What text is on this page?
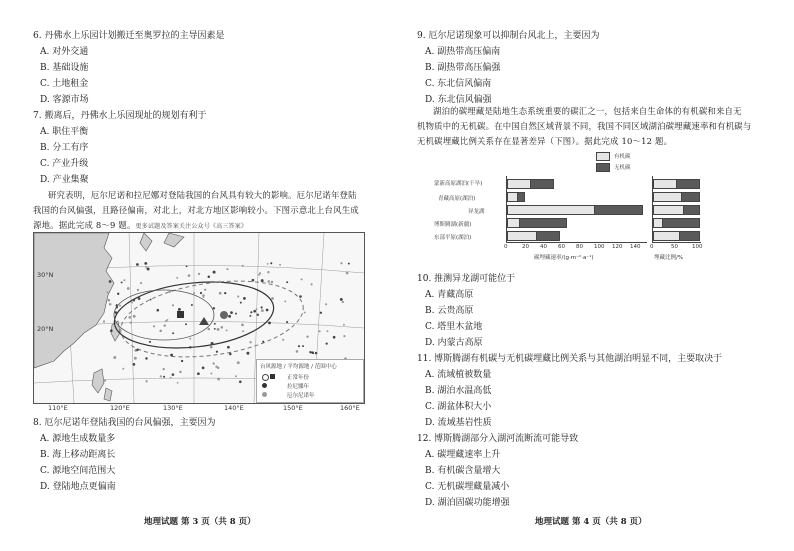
6. 丹佛水上乐园计划搬迁至奥罗拉的主导因素是
A. 对外交通
B. 基础设施
C. 土地租金
D. 客源市场
7. 搬离后，丹佛水上乐园现址的规划有利于
A. 职住平衡
B. 分工有序
C. 产业升级
D. 产业集聚
研究表明，厄尔尼诺和拉尼娜对登陆我国的台风具有较大的影响。厄尔尼诺年登陆
我国的台风偏强，且路径偏南，对北上，对北方地区影响较小。下图示意北上台风生成
源地。据此完成 8～9 题。更多试题及答案关注公众号《高三答案》
30°N
20°N
台风源地 / 平均源地 / 范围中心
正常年份
拉尼娜年
厄尔尼诺年
110°E	120°E	130°E	140°E	150°E	160°E
8. 厄尔尼诺年登陆我国的台风偏强，主要因为
A. 源地生成数量多
B. 海上移动距离长
C. 源地空间范围大
D. 登陆地点更偏南
地理试题 第 3 页（共 8 页）
9. 厄尔尼诺现象可以抑制台风北上，主要因为
A. 副热带高压偏南
B. 副热带高压偏强
C. 东北信风偏南
D. 东北信风偏强
湖泊的碳埋藏是陆地生态系统重要的碳汇之一，包括来自生命体的有机碳和来自无
机物质中的无机碳。在中国自然区域背景不同，我国不同区域湖泊碳埋藏速率和有机碳与
无机碳埋藏比例关系存在显著差异（下图）。据此完成 10～12 题。
有机碳
无机碳
蒙新高原湖泊(干旱)
青藏高原(湖泊)
异龙湖
博斯腾湖(新疆)
东部平原(湖泊)
0	20 40 60 80 100 120 140
碳埋藏速率/(g·m⁻²·a⁻¹)
0	50	100
埋藏比例/%
10. 推测异龙湖可能位于
A. 青藏高原
B. 云贵高原
C. 塔里木盆地
D. 内蒙古高原
11. 博斯腾湖有机碳与无机碳埋藏比例关系与其他湖泊明显不同，主要取决于
A. 流域植被数量
B. 湖泊水温高低
C. 湖盆体积大小
D. 流域基岩性质
12. 博斯腾湖部分入湖河流断流可能导致
A. 碳埋藏速率上升
B. 有机碳含量增大
C. 无机碳埋藏量减小
D. 湖泊固碳功能增强
地理试题 第 4 页（共 8 页）
